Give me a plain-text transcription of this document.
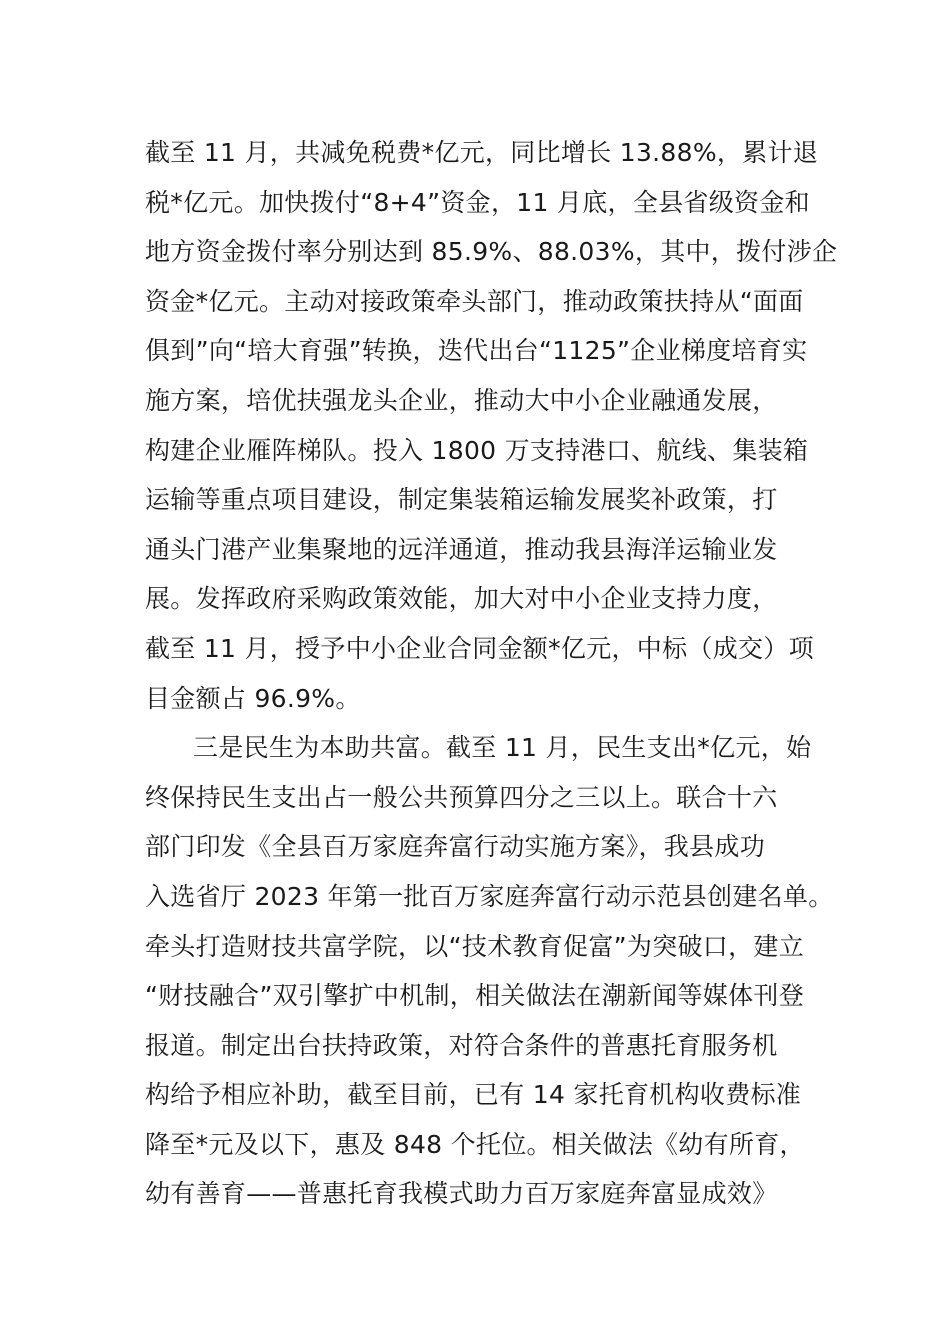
截至 11 月，共减免税费*亿元，同比增长 13.88%，累计退
税*亿元。加快拨付“8+4”资金，11 月底，全县省级资金和
地方资金拨付率分别达到 85.9%、88.03%，其中，拨付涉企
资金*亿元。主动对接政策牵头部门，推动政策扶持从“面面
俱到”向“培大育强”转换，迭代出台“1125”企业梯度培育实
施方案，培优扶强龙头企业，推动大中小企业融通发展，
构建企业雁阵梯队。投入 1800 万支持港口、航线、集装箱
运输等重点项目建设，制定集装箱运输发展奖补政策，打
通头门港产业集聚地的远洋通道，推动我县海洋运输业发
展。发挥政府采购政策效能，加大对中小企业支持力度，
截至 11 月，授予中小企业合同金额*亿元，中标（成交）项
目金额占 96.9%。
三是民生为本助共富。截至 11 月，民生支出*亿元，始
终保持民生支出占一般公共预算四分之三以上。联合十六
部门印发《全县百万家庭奔富行动实施方案》，我县成功
入选省厅 2023 年第一批百万家庭奔富行动示范县创建名单。
牵头打造财技共富学院，以“技术教育促富”为突破口，建立
“财技融合”双引擎扩中机制，相关做法在潮新闻等媒体刊登
报道。制定出台扶持政策，对符合条件的普惠托育服务机
构给予相应补助，截至目前，已有 14 家托育机构收费标准
降至*元及以下，惠及 848 个托位。相关做法《幼有所育，
幼有善育——普惠托育我模式助力百万家庭奔富显成效》
